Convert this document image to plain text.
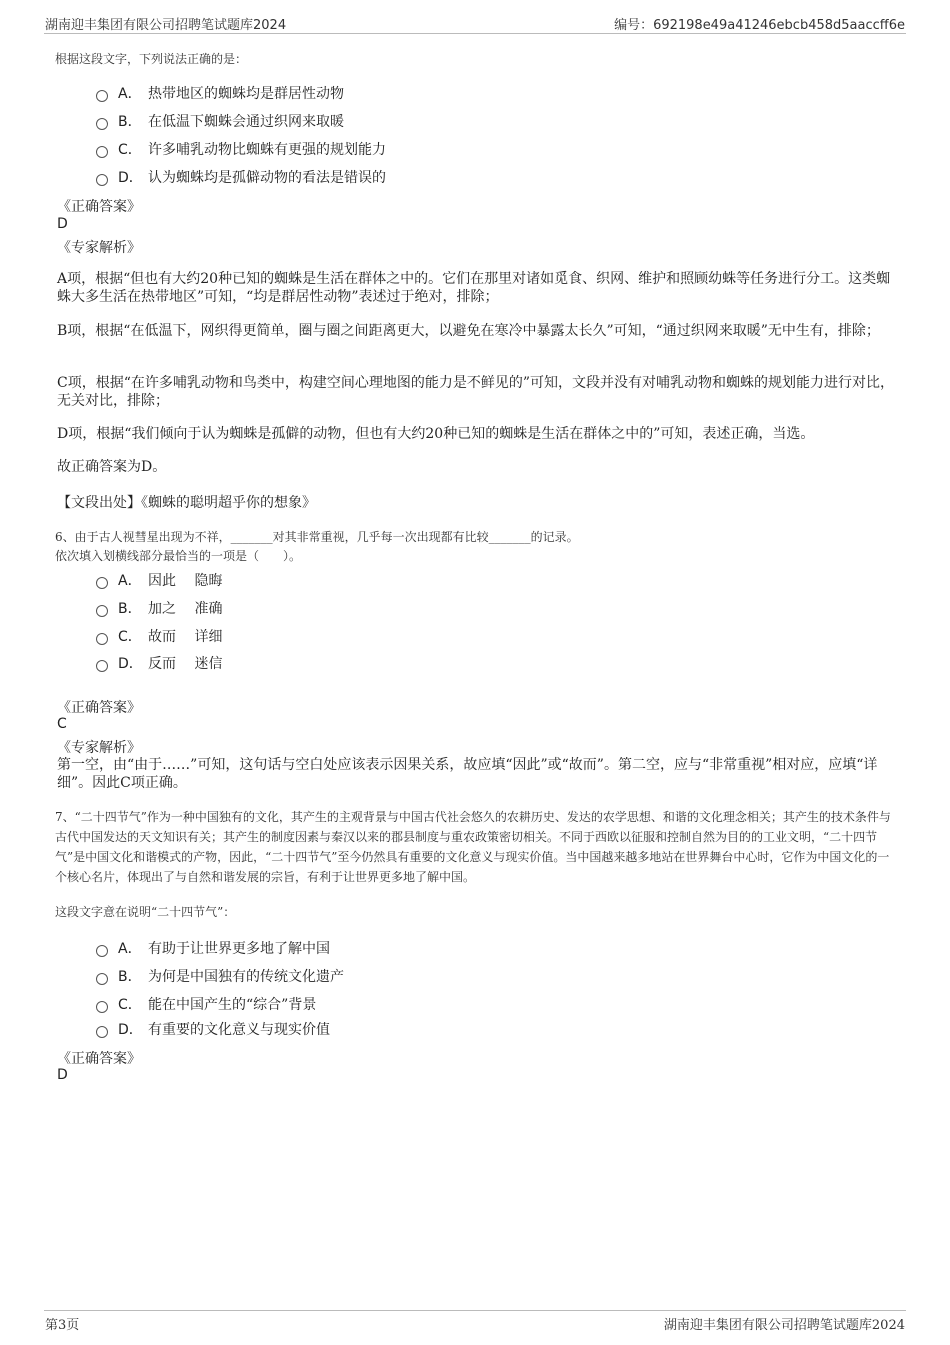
湖南迎丰集团有限公司招聘笔试题库2024	编号：692198e49a41246ebcb458d5aaccff6e
根据这段文字，下列说法正确的是：
A． 热带地区的蜘蛛均是群居性动物
B． 在低温下蜘蛛会通过织网来取暖
C． 许多哺乳动物比蜘蛛有更强的规划能力
D． 认为蜘蛛均是孤僻动物的看法是错误的
《正确答案》
D
《专家解析》
A项，根据“但也有大约20种已知的蜘蛛是生活在群体之中的。它们在那里对诸如觅食、织网、维护和照顾幼蛛等任务进行分工。这类蜘蛛大多生活在热带地区”可知，“均是群居性动物”表述过于绝对，排除；
B项，根据“在低温下，网织得更简单，圈与圈之间距离更大，以避免在寒冷中暴露太长久”可知，“通过织网来取暖”无中生有，排除；
C项，根据“在许多哺乳动物和鸟类中，构建空间心理地图的能力是不鲜见的”可知，文段并没有对哺乳动物和蜘蛛的规划能力进行对比，无关对比，排除；
D项，根据“我们倾向于认为蜘蛛是孤僻的动物，但也有大约20种已知的蜘蛛是生活在群体之中的”可知，表述正确，当选。
故正确答案为D。
【文段出处】《蜘蛛的聪明超乎你的想象》
6、由于古人视彗星出现为不祥，_______对其非常重视，几乎每一次出现都有比较_______的记录。
依次填入划横线部分最恰当的一项是（　　）。
A． 因此　 隐晦
B． 加之　 准确
C． 故而　 详细
D． 反而　 迷信
《正确答案》
C
《专家解析》
第一空，由“由于……”可知，这句话与空白处应该表示因果关系，故应填“因此”或“故而”。第二空，应与“非常重视”相对应，应填“详细”。因此C项正确。
7、“二十四节气”作为一种中国独有的文化，其产生的主观背景与中国古代社会悠久的农耕历史、发达的农学思想、和谐的文化理念相关；其产生的技术条件与古代中国发达的天文知识有关；其产生的制度因素与秦汉以来的郡县制度与重农政策密切相关。不同于西欧以征服和控制自然为目的的工业文明，“二十四节气”是中国文化和谐模式的产物，因此，“二十四节气”至今仍然具有重要的文化意义与现实价值。当中国越来越多地站在世界舞台中心时，它作为中国文化的一个核心名片，体现出了与自然和谐发展的宗旨，有利于让世界更多地了解中国。
这段文字意在说明“二十四节气”：
A． 有助于让世界更多地了解中国
B． 为何是中国独有的传统文化遗产
C． 能在中国产生的“综合”背景
D． 有重要的文化意义与现实价值
《正确答案》
D
第3页	湖南迎丰集团有限公司招聘笔试题库2024
